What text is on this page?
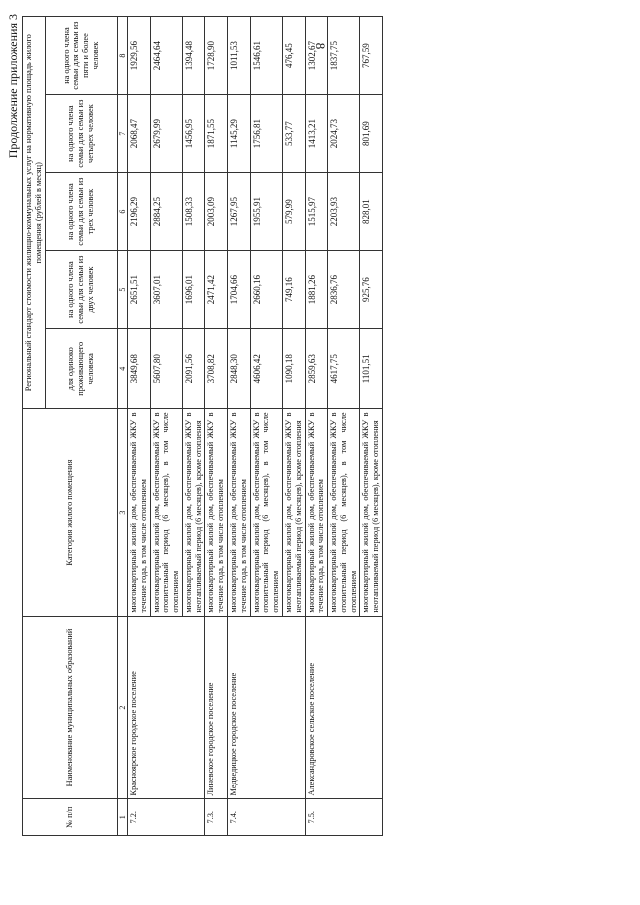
8
Продолжение приложения 3
№ п/п	Наименование муниципальных образований	Категория жилого помещения	Региональный стандарт стоимости жилищно-коммунальных услуг на нормативную площадь жилого помещения (рублей в месяц)				
			для одиноко проживающего человека	на одного члена семьи для семьи из двух человек	на одного члена семьи для семьи из трех человек	на одного члена семьи для семьи из четырех человек	на одного члена семьи для семьи из пяти и более человек
1	2	3	4	5	6	7	8
7.2.	Красноярское городское поселение	многоквартирный жилой дом, обеспечиваемый ЖКУ в течение года, в том числе отоплением	3849,68	2651,51	2196,29	2068,47	1929,56
		многоквартирный жилой дом, обеспечиваемый ЖКУ в отопительный период (6 месяцев), в том числе отоплением	5607,80	3607,01	2884,25	2679,99	2464,64
		многоквартирный жилой дом, обеспечиваемый ЖКУ в неотапливаемый период (6 месяцев), кроме отопления	2091,56	1696,01	1508,33	1456,95	1394,48
7.3.	Линевское городское поселение	многоквартирный жилой дом, обеспечиваемый ЖКУ в течение года, в том числе отоплением	3708,82	2471,42	2003,09	1871,55	1728,90
7.4.	Медведицкое городское поселение	многоквартирный жилой дом, обеспечиваемый ЖКУ в течение года, в том числе отоплением	2848,30	1704,66	1267,95	1145,29	1011,53
		многоквартирный жилой дом, обеспечиваемый ЖКУ в отопительный период (6 месяцев), в том числе отоплением	4606,42	2660,16	1955,91	1756,81	1546,61
		многоквартирный жилой дом, обеспечиваемый ЖКУ в неотапливаемый период (6 месяцев), кроме отопления	1090,18	749,16	579,99	533,77	476,45
7.5.	Александровское сельское поселение	многоквартирный жилой дом, обеспечиваемый ЖКУ в течение года, в том числе отоплением	2859,63	1881,26	1515,97	1413,21	1302,67
		многоквартирный жилой дом, обеспечиваемый ЖКУ в отопительный период (6 месяцев), в том числе отоплением	4617,75	2836,76	2203,93	2024,73	1837,75
		многоквартирный жилой дом, обеспечиваемый ЖКУ в неотапливаемый период (6 месяцев), кроме отопления	1101,51	925,76	828,01	801,69	767,59
